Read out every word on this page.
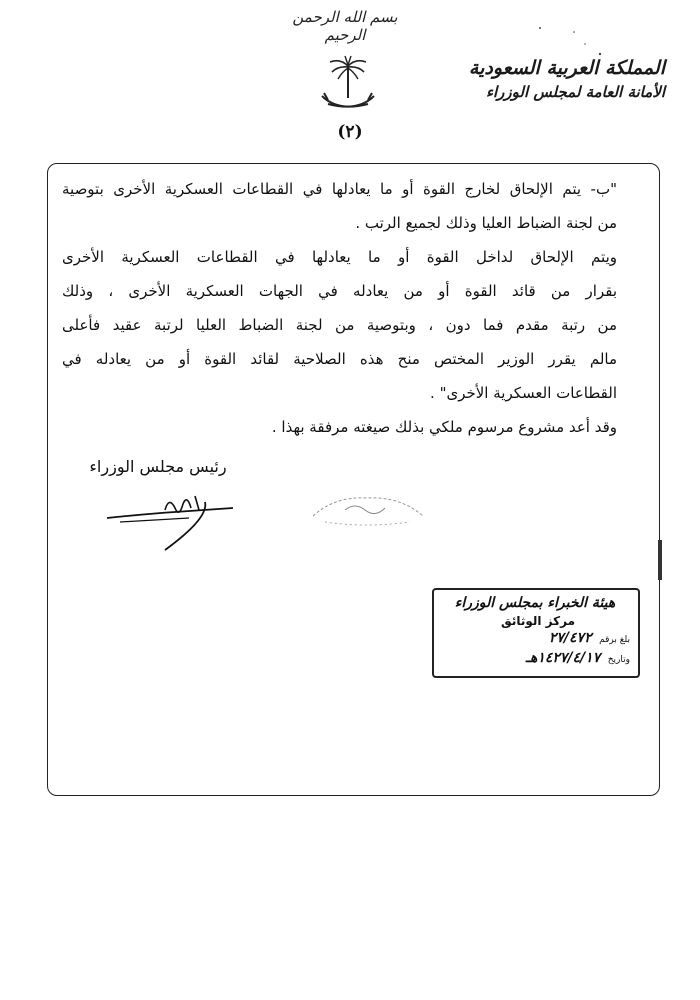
بسم الله الرحمن الرحيم
(٢)
المملكة العربية السعودية
الأمانة العامة لمجلس الوزراء
"ب- يتم الإلحاق لخارج القوة أو ما يعادلها في القطاعات العسكرية الأخرى بتوصية
من لجنة الضباط العليا وذلك لجميع الرتب .
ويتم الإلحاق لداخل القوة أو ما يعادلها في القطاعات العسكرية الأخرى
بقرار من قائد القوة أو من يعادله في الجهات العسكرية الأخرى ، وذلك
من رتبة مقدم فما دون ، وبتوصية من لجنة الضباط العليا لرتبة عقيد فأعلى
مالم يقرر الوزير المختص منح هذه الصلاحية لقائد القوة أو من يعادله في
القطاعات العسكرية الأخرى" .
وقد أعد مشروع مرسوم ملكي بذلك صيغته مرفقة بهذا .
رئيس مجلس الوزراء
هيئة الخبراء بمجلس الوزراء
مركز الوثائق
بلغ برقم ٢٧/٤٧٢
وتاريخ ١٤٢٧/٤/١٧هـ
